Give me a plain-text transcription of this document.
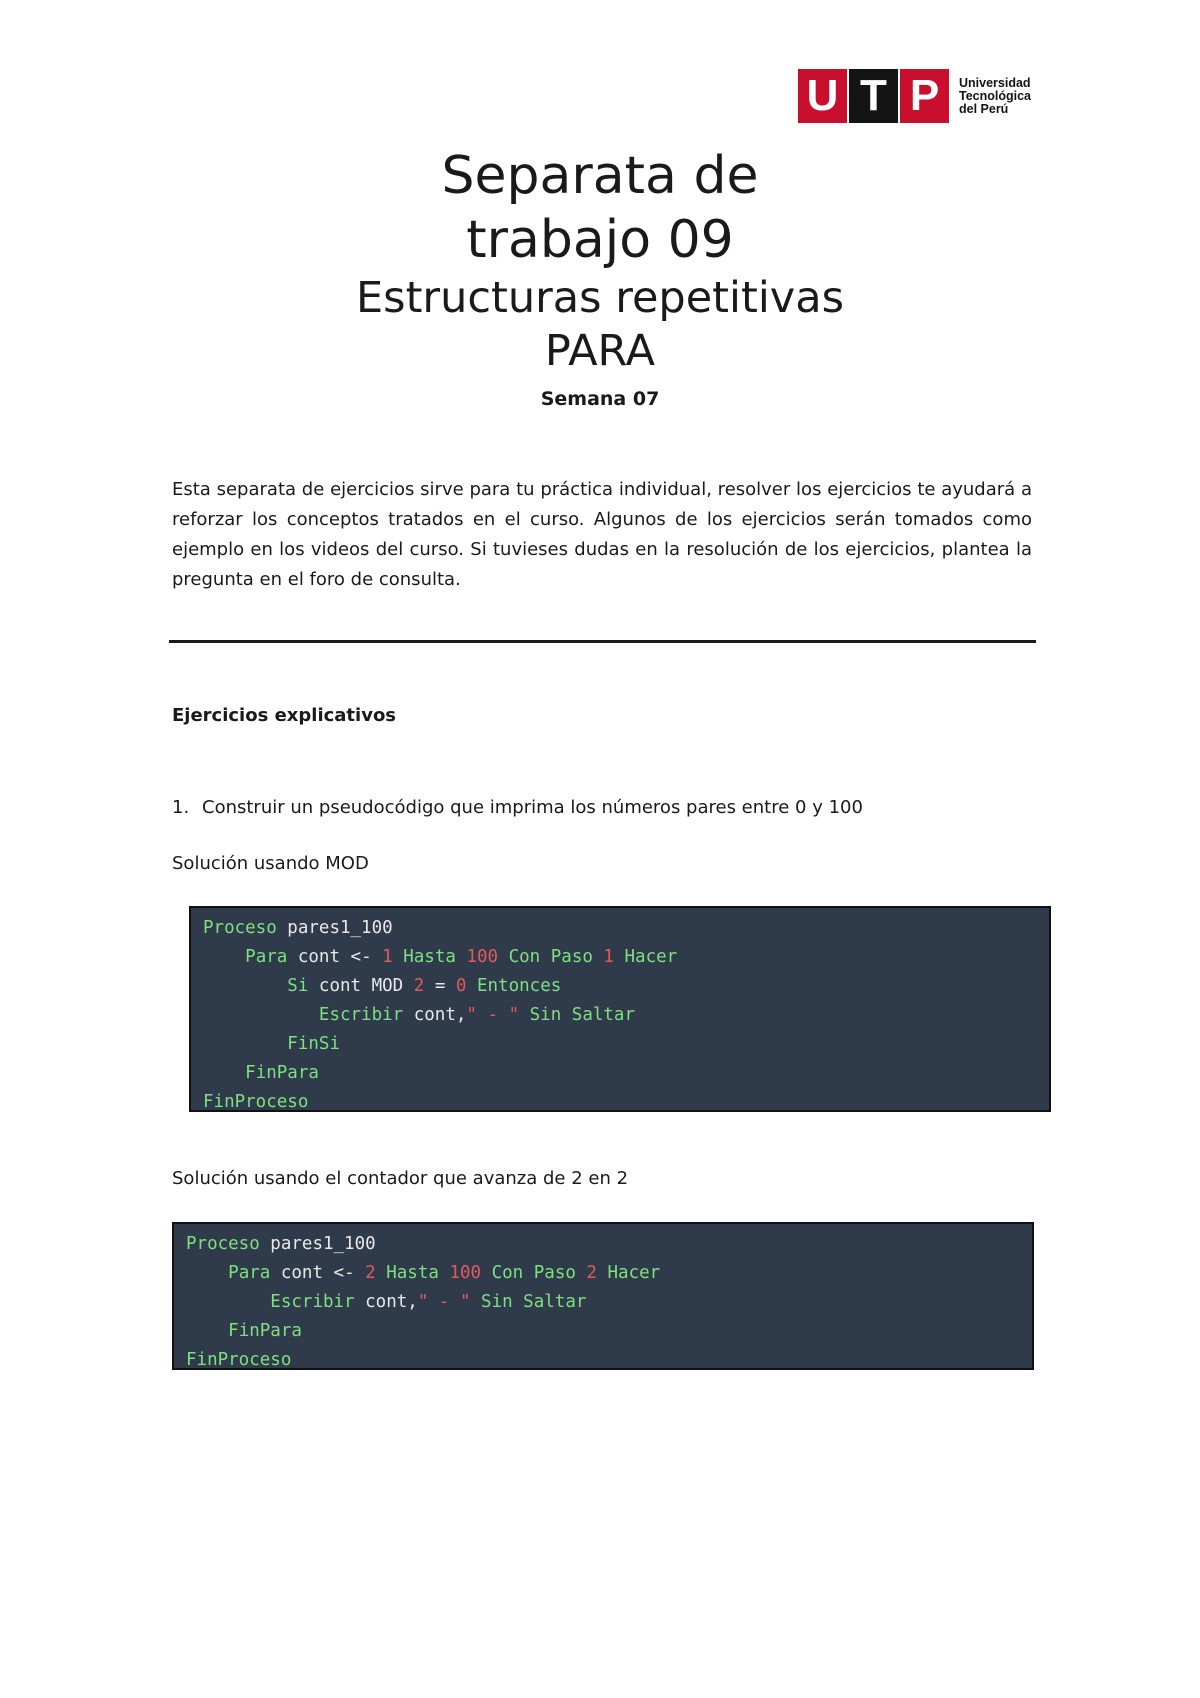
U T P	Universidad
Tecnológica
del Perú
Separata de
trabajo 09
Estructuras repetitivas
PARA
Semana 07
Esta separata de ejercicios sirve para tu práctica individual, resolver los ejercicios te ayudará a reforzar los conceptos tratados en el curso. Algunos de los ejercicios serán tomados como ejemplo en los videos del curso. Si tuvieses dudas en la resolución de los ejercicios, plantea la pregunta en el foro de consulta.
Ejercicios explicativos
1. Construir un pseudocódigo que imprima los números pares entre 0 y 100
Solución usando MOD
Proceso pares1_100
Para cont <- 1 Hasta 100 Con Paso 1 Hacer
Si cont MOD 2 = 0 Entonces
Escribir cont," - " Sin Saltar
FinSi
FinPara
FinProceso
Solución usando el contador que avanza de 2 en 2
Proceso pares1_100
Para cont <- 2 Hasta 100 Con Paso 2 Hacer
Escribir cont," - " Sin Saltar
FinPara
FinProceso
